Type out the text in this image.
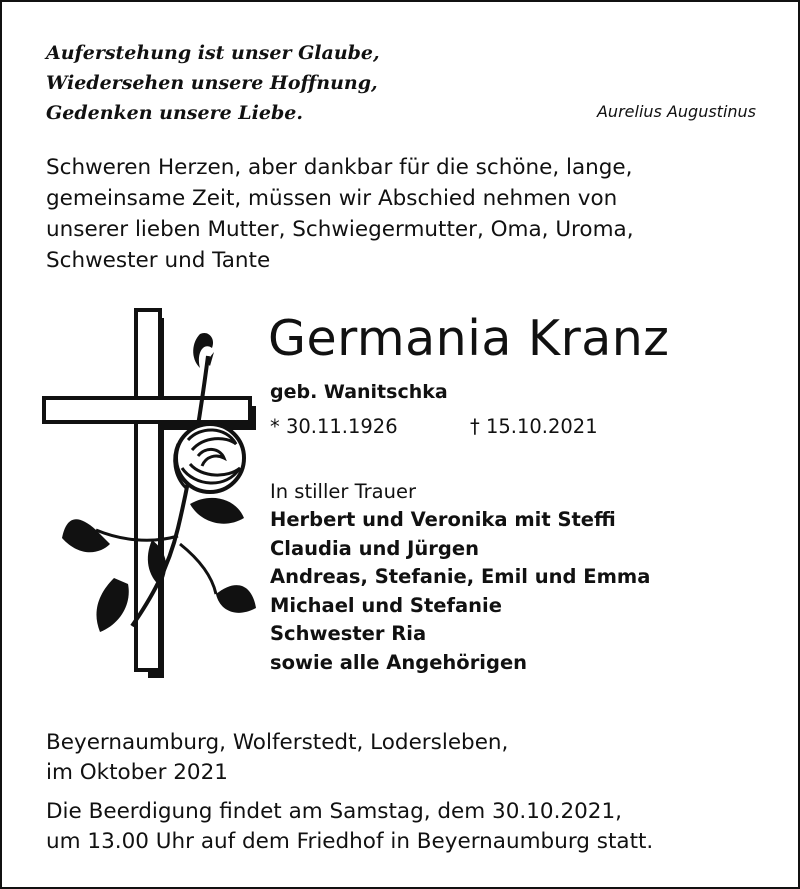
Auferstehung ist unser Glaube,
Wiedersehen unsere Hoffnung,
Gedenken unsere Liebe.	Aurelius Augustinus
Schweren Herzen, aber dankbar für die schöne, lange,
gemeinsame Zeit, müssen wir Abschied nehmen von
unserer lieben Mutter, Schwiegermutter, Oma, Uroma,
Schwester und Tante
Germania Kranz
geb. Wanitschka
* 30.11.1926	† 15.10.2021
In stiller Trauer
Herbert und Veronika mit Steffi
Claudia und Jürgen
Andreas, Stefanie, Emil und Emma
Michael und Stefanie
Schwester Ria
sowie alle Angehörigen
Beyernaumburg, Wolferstedt, Lodersleben,
im Oktober 2021
Die Beerdigung findet am Samstag, dem 30.10.2021,
um 13.00 Uhr auf dem Friedhof in Beyernaumburg statt.
